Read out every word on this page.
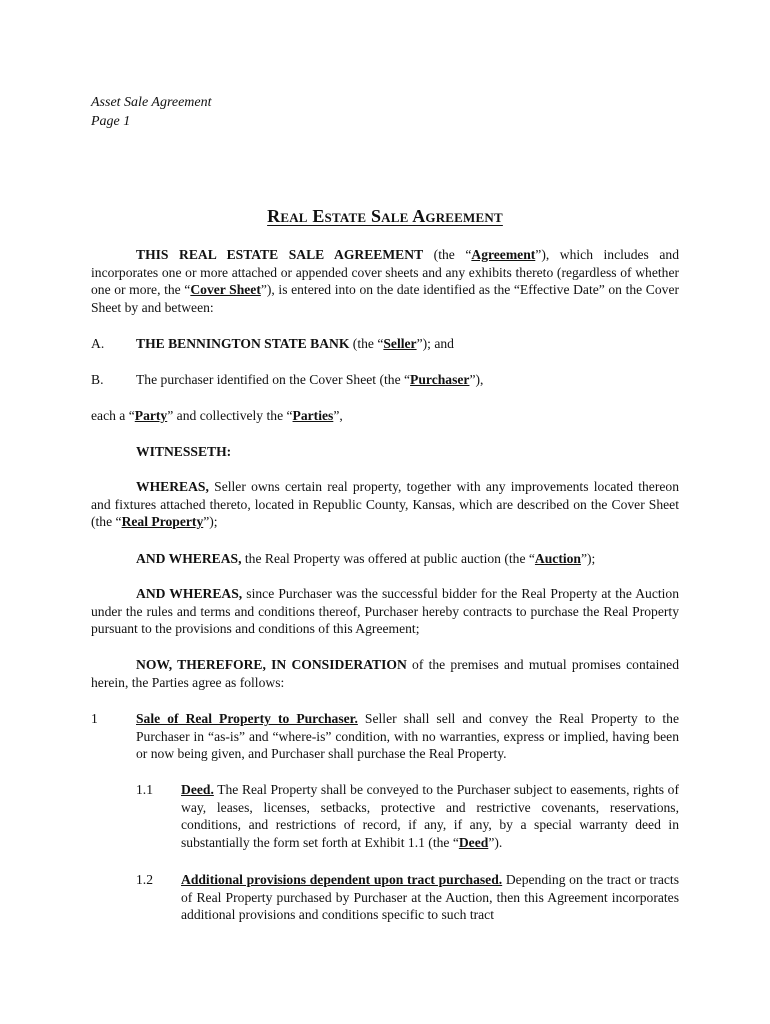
Asset Sale Agreement
Page 1
Real Estate Sale Agreement

THIS REAL ESTATE SALE AGREEMENT (the “Agreement”), which includes and incorporates one or more attached or appended cover sheets and any exhibits thereto (regardless of whether one or more, the “Cover Sheet”), is entered into on the date identified as the “Effective Date” on the Cover Sheet by and between:

A. THE BENNINGTON STATE BANK (the “Seller”); and

B. The purchaser identified on the Cover Sheet (the “Purchaser”),

each a “Party” and collectively the “Parties”,

WITNESSETH:

WHEREAS, Seller owns certain real property, together with any improvements located thereon and fixtures attached thereto, located in Republic County, Kansas, which are described on the Cover Sheet (the “Real Property”);

AND WHEREAS, the Real Property was offered at public auction (the “Auction”);

AND WHEREAS, since Purchaser was the successful bidder for the Real Property at the Auction under the rules and terms and conditions thereof, Purchaser hereby contracts to purchase the Real Property pursuant to the provisions and conditions of this Agreement;

NOW, THEREFORE, IN CONSIDERATION of the premises and mutual promises contained herein, the Parties agree as follows:

1	Sale of Real Property to Purchaser. Seller shall sell and convey the Real Property to the Purchaser in “as-is” and “where-is” condition, with no warranties, express or implied, having been or now being given, and Purchaser shall purchase the Real Property.

1.1 Deed. The Real Property shall be conveyed to the Purchaser subject to easements, rights of way, leases, licenses, setbacks, protective and restrictive covenants, reservations, conditions, and restrictions of record, if any, if any, by a special warranty deed in substantially the form set forth at Exhibit 1.1 (the “Deed”).

1.2 Additional provisions dependent upon tract purchased. Depending on the tract or tracts of Real Property purchased by Purchaser at the Auction, then this Agreement incorporates additional provisions and conditions specific to such tract
